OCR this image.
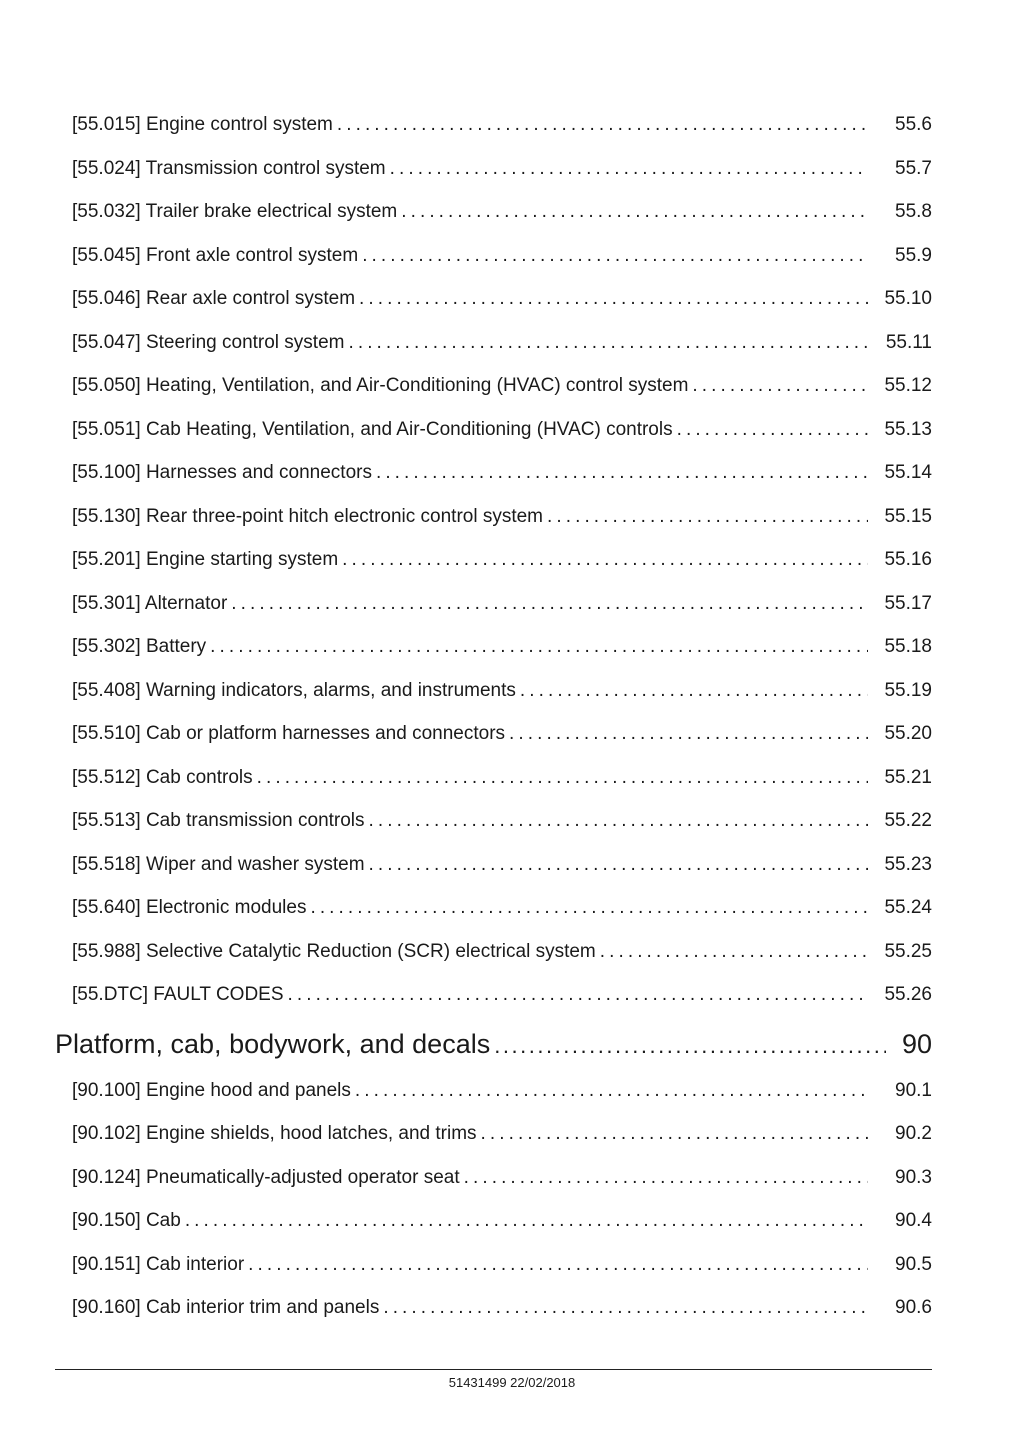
[55.015] Engine control system . . .	55.6
[55.024] Transmission control system . . .	55.7
[55.032] Trailer brake electrical system . . .	55.8
[55.045] Front axle control system . . .	55.9
[55.046] Rear axle control system . . .	55.10
[55.047] Steering control system . . .	55.11
[55.050] Heating, Ventilation, and Air-Conditioning (HVAC) control system . . .	55.12
[55.051] Cab Heating, Ventilation, and Air-Conditioning (HVAC) controls . . .	55.13
[55.100] Harnesses and connectors . . .	55.14
[55.130] Rear three-point hitch electronic control system . . .	55.15
[55.201] Engine starting system . . .	55.16
[55.301] Alternator . . .	55.17
[55.302] Battery . . .	55.18
[55.408] Warning indicators, alarms, and instruments . . .	55.19
[55.510] Cab or platform harnesses and connectors . . .	55.20
[55.512] Cab controls . . .	55.21
[55.513] Cab transmission controls . . .	55.22
[55.518] Wiper and washer system . . .	55.23
[55.640] Electronic modules . . .	55.24
[55.988] Selective Catalytic Reduction (SCR) electrical system . . .	55.25
[55.DTC] FAULT CODES . . .	55.26
Platform, cab, bodywork, and decals . . .	90
[90.100] Engine hood and panels . . .	90.1
[90.102] Engine shields, hood latches, and trims . . .	90.2
[90.124] Pneumatically-adjusted operator seat . . .	90.3
[90.150] Cab . . .	90.4
[90.151] Cab interior . . .	90.5
[90.160] Cab interior trim and panels . . .	90.6
51431499 22/02/2018
